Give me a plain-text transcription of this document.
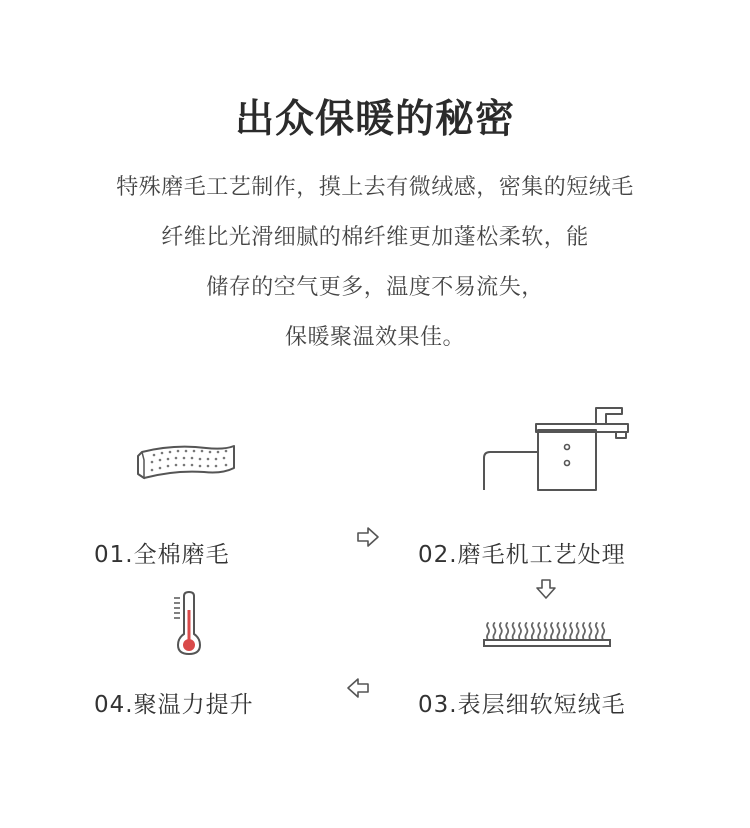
出众保暖的秘密
特殊磨毛工艺制作，摸上去有微绒感，密集的短绒毛
纤维比光滑细腻的棉纤维更加蓬松柔软，能
储存的空气更多，温度不易流失，
保暖聚温效果佳。
01.全棉磨毛	02.磨毛机工艺处理
03.表层细软短绒毛
04.聚温力提升
